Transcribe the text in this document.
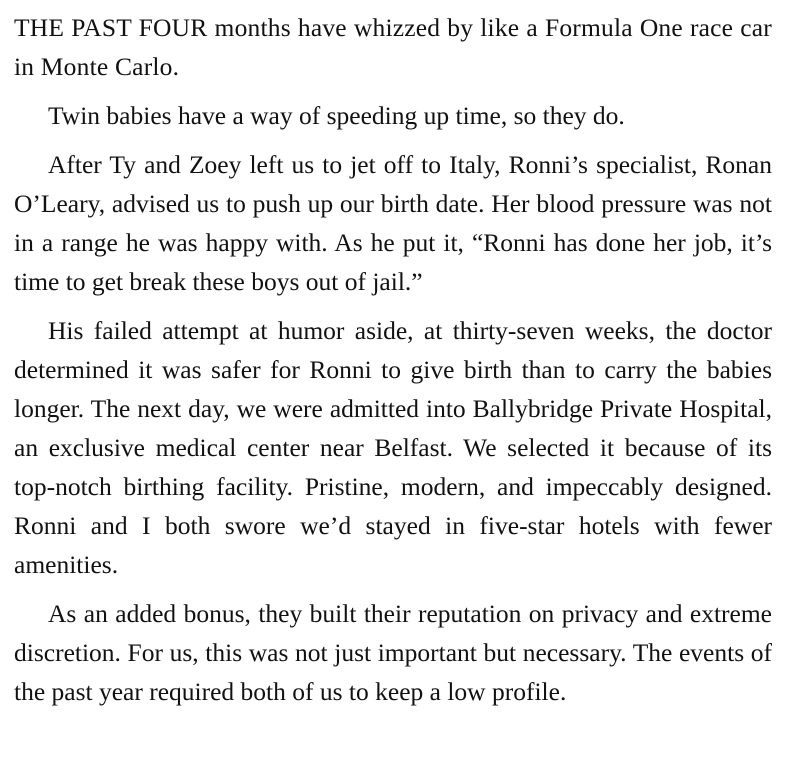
THE PAST FOUR months have whizzed by like a Formula One race car in Monte Carlo.

Twin babies have a way of speeding up time, so they do.

After Ty and Zoey left us to jet off to Italy, Ronni’s specialist, Ronan O’Leary, advised us to push up our birth date. Her blood pressure was not in a range he was happy with. As he put it, “Ronni has done her job, it’s time to get break these boys out of jail.”

His failed attempt at humor aside, at thirty-seven weeks, the doctor determined it was safer for Ronni to give birth than to carry the babies longer. The next day, we were admitted into Ballybridge Private Hospital, an exclusive medical center near Belfast. We selected it because of its top-notch birthing facility. Pristine, modern, and impeccably designed. Ronni and I both swore we’d stayed in five-star hotels with fewer amenities.

As an added bonus, they built their reputation on privacy and extreme discretion. For us, this was not just important but necessary. The events of the past year required both of us to keep a low profile.
